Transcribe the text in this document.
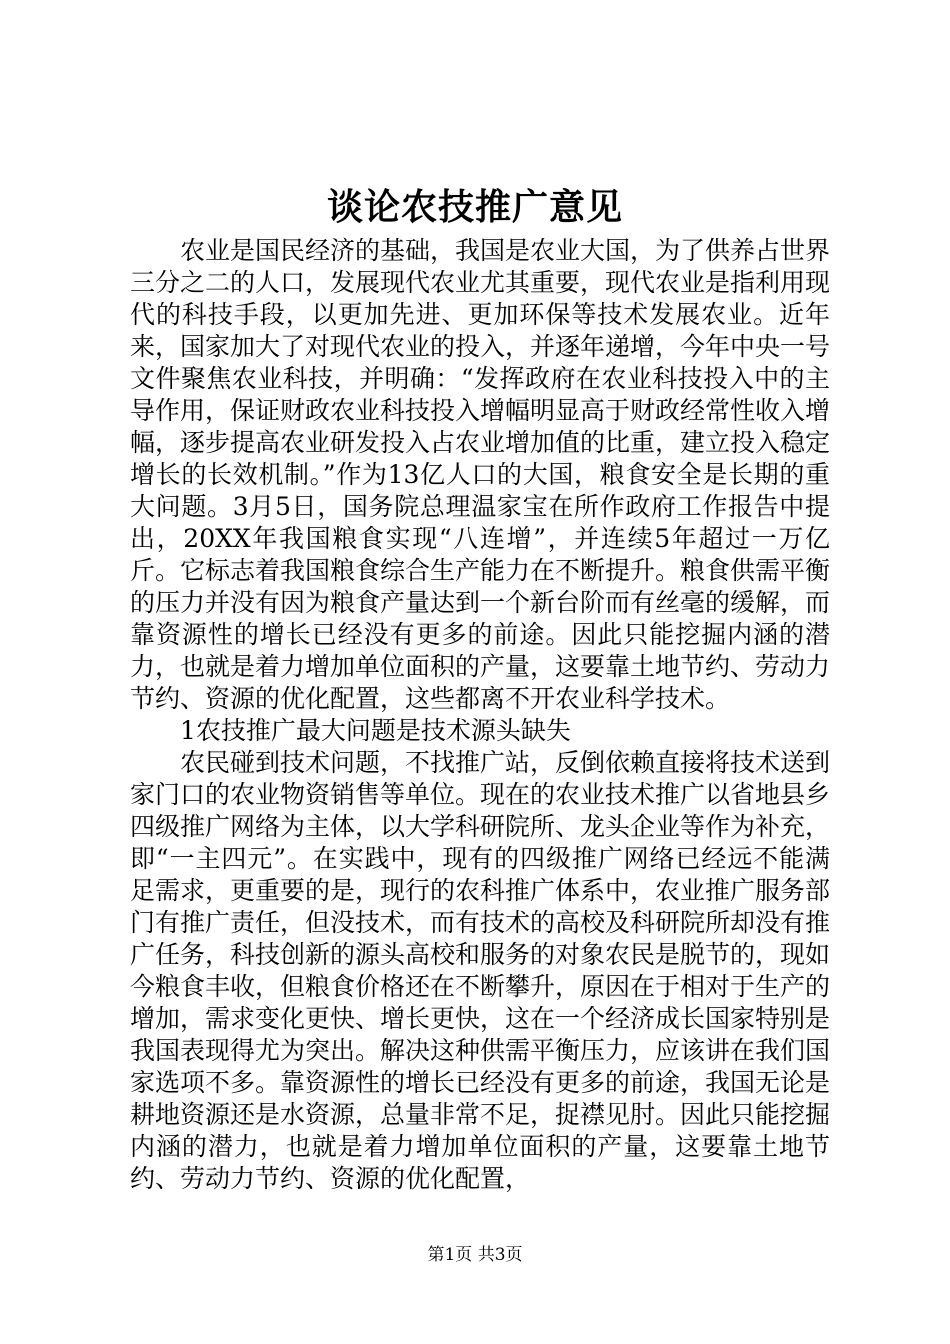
谈论农技推广意见

农业是国民经济的基础，我国是农业大国，为了供养占世界三分之二的人口，发展现代农业尤其重要，现代农业是指利用现代的科技手段，以更加先进、更加环保等技术发展农业。近年来，国家加大了对现代农业的投入，并逐年递增，今年中央一号文件聚焦农业科技，并明确：“发挥政府在农业科技投入中的主导作用，保证财政农业科技投入增幅明显高于财政经常性收入增幅，逐步提高农业研发投入占农业增加值的比重，建立投入稳定增长的长效机制。”作为13亿人口的大国，粮食安全是长期的重大问题。3月5日，国务院总理温家宝在所作政府工作报告中提出，20XX年我国粮食实现“八连增”，并连续5年超过一万亿斤。它标志着我国粮食综合生产能力在不断提升。粮食供需平衡的压力并没有因为粮食产量达到一个新台阶而有丝毫的缓解，而靠资源性的增长已经没有更多的前途。因此只能挖掘内涵的潜力，也就是着力增加单位面积的产量，这要靠土地节约、劳动力节约、资源的优化配置，这些都离不开农业科学技术。

1农技推广最大问题是技术源头缺失

农民碰到技术问题，不找推广站，反倒依赖直接将技术送到家门口的农业物资销售等单位。现在的农业技术推广以省地县乡四级推广网络为主体，以大学科研院所、龙头企业等作为补充，即“一主四元”。在实践中，现有的四级推广网络已经远不能满足需求，更重要的是，现行的农科推广体系中，农业推广服务部门有推广责任，但没技术，而有技术的高校及科研院所却没有推广任务，科技创新的源头高校和服务的对象农民是脱节的，现如今粮食丰收，但粮食价格还在不断攀升，原因在于相对于生产的增加，需求变化更快、增长更快，这在一个经济成长国家特别是我国表现得尤为突出。解决这种供需平衡压力，应该讲在我们国家选项不多。靠资源性的增长已经没有更多的前途，我国无论是耕地资源还是水资源，总量非常不足，捉襟见肘。因此只能挖掘内涵的潜力，也就是着力增加单位面积的产量，这要靠土地节约、劳动力节约、资源的优化配置，

第1页 共3页
